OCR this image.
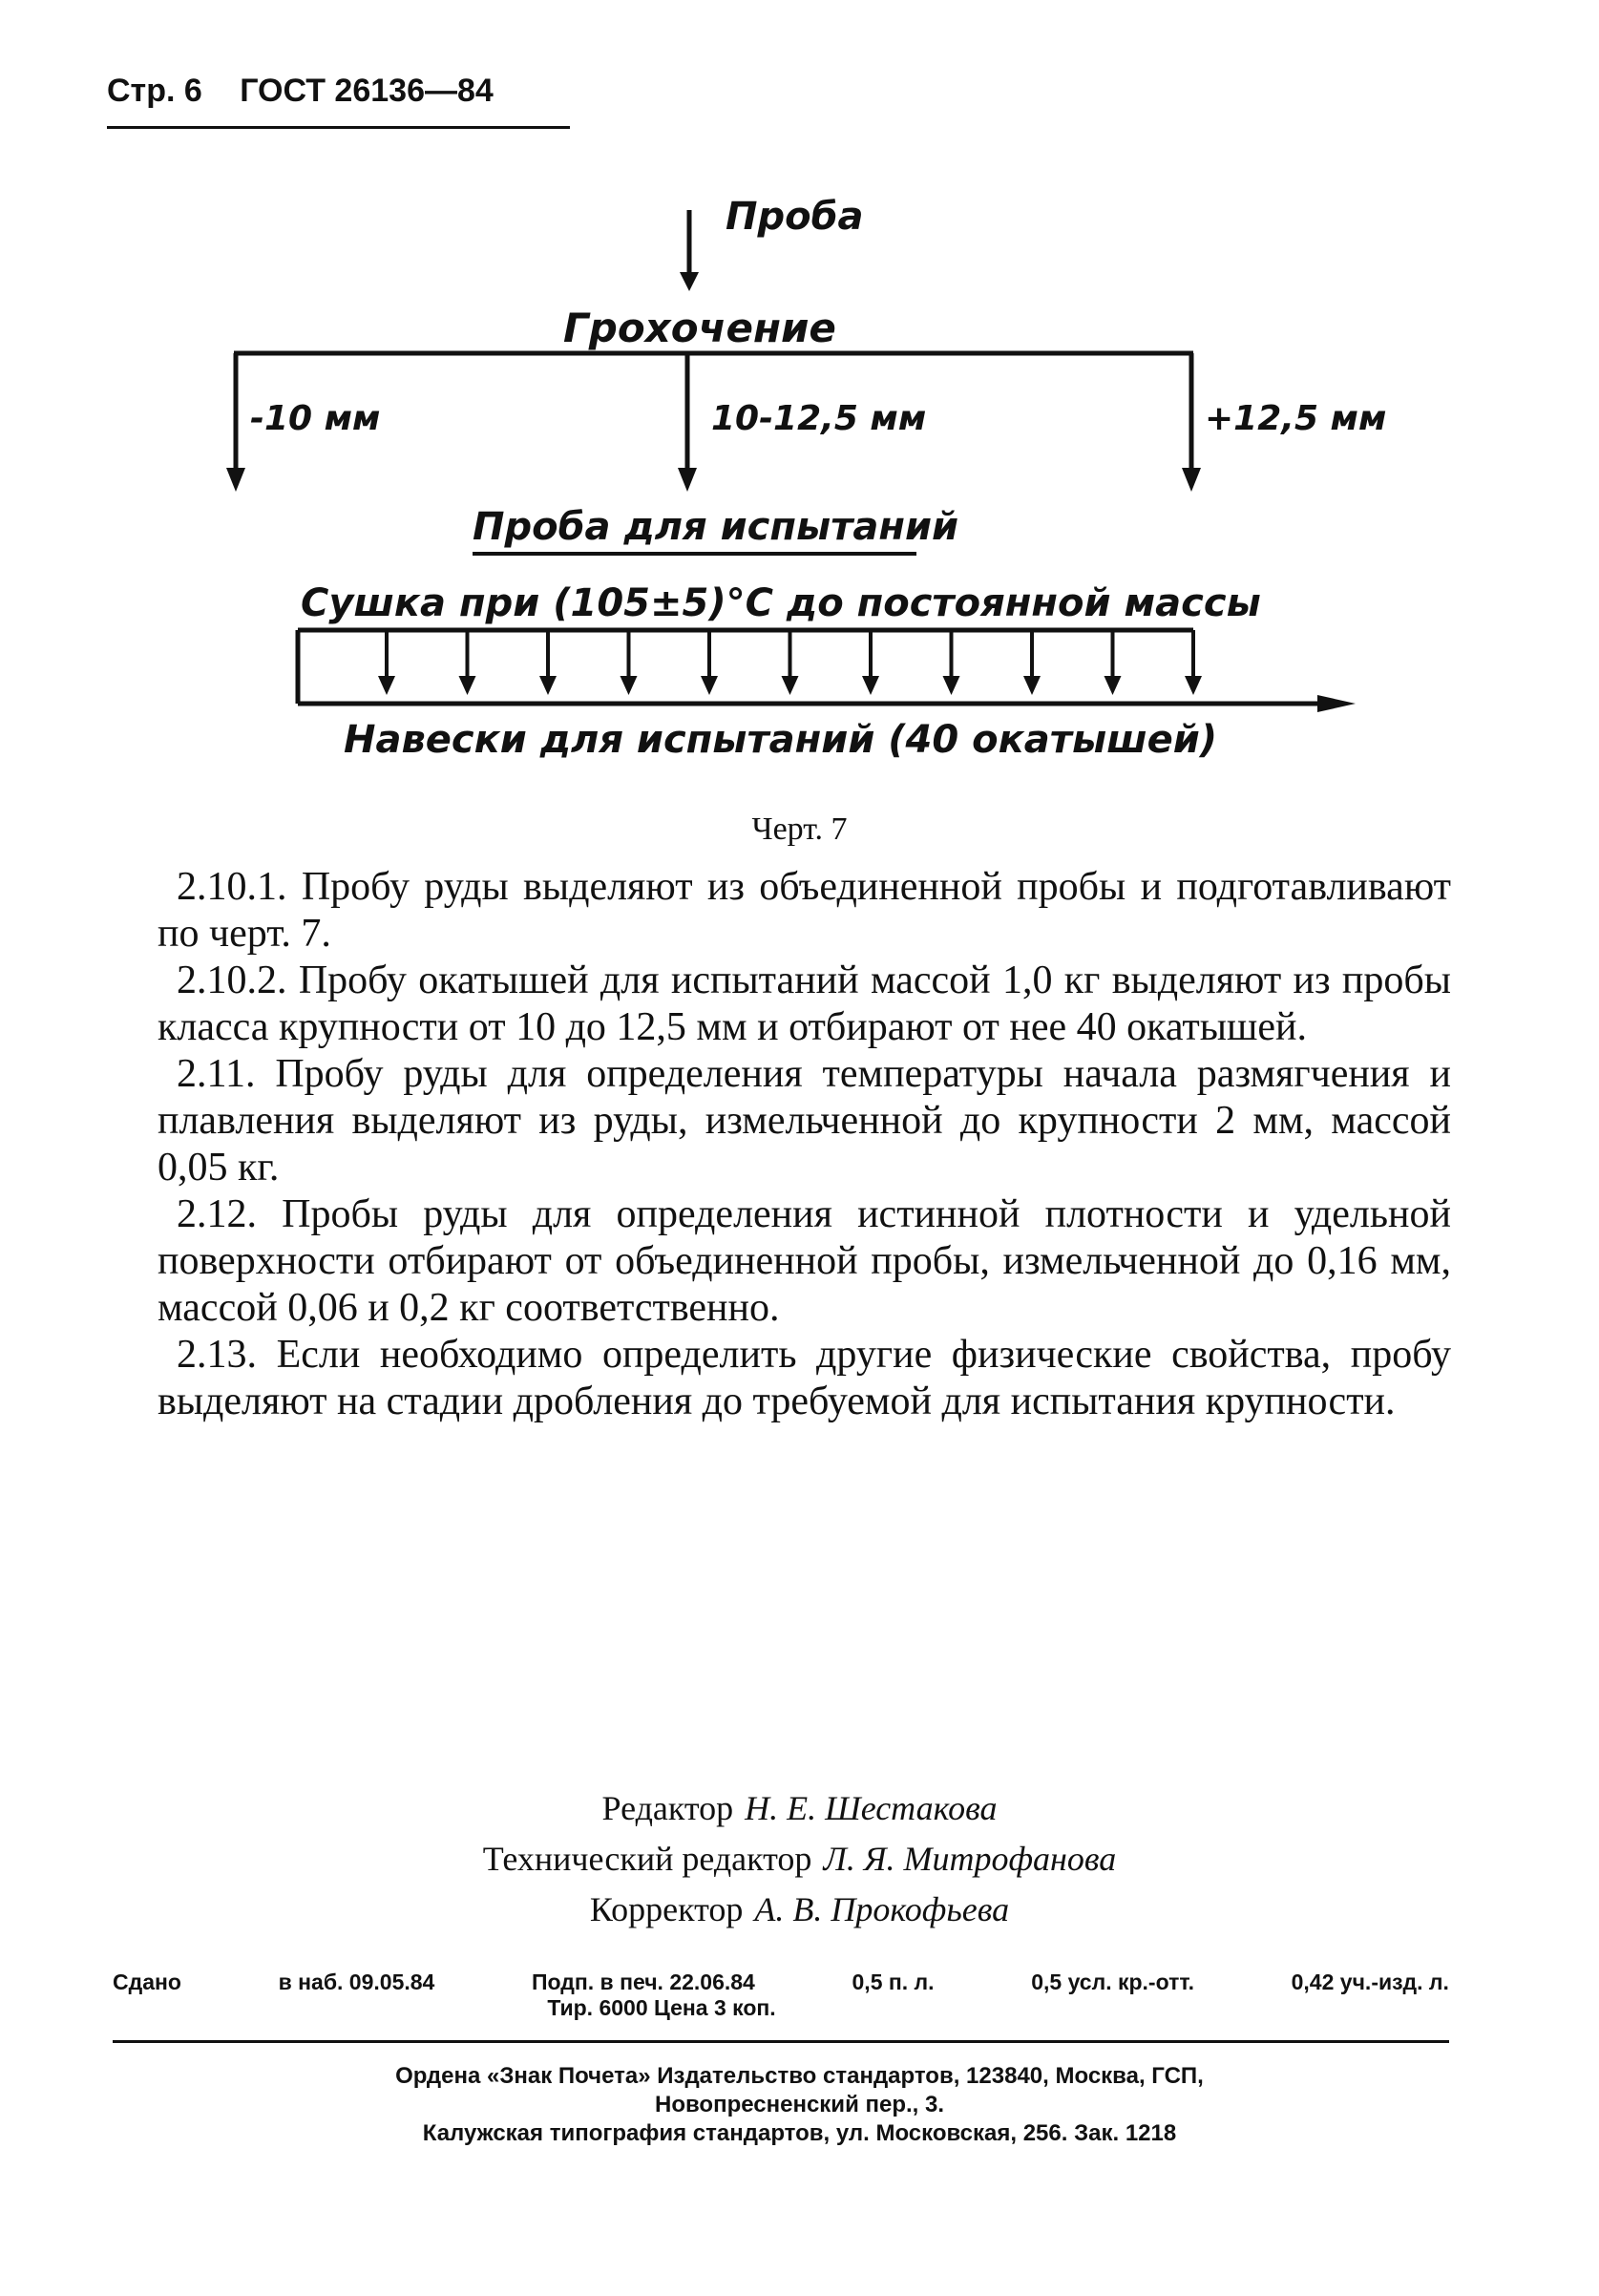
Стр. 6 ГОСТ 26136—84
Проба
Грохочение
-10 мм	10-12,5 мм	+12,5 мм
Проба для испытаний
Сушка при (105±5)°С до постоянной массы
Навески для испытаний (40 окатышей)
Черт. 7

2.10.1. Пробу руды выделяют из объединенной пробы и подготавливают по черт. 7.

2.10.2. Пробу окатышей для испытаний массой 1,0 кг выделяют из пробы класса крупности от 10 до 12,5 мм и отбирают от нее 40 окатышей.

2.11. Пробу руды для определения температуры начала размягчения и плавления выделяют из руды, измельченной до крупности 2 мм, массой 0,05 кг.

2.12. Пробы руды для определения истинной плотности и удельной поверхности отбирают от объединенной пробы, измельченной до 0,16 мм, массой 0,06 и 0,2 кг соответственно.

2.13. Если необходимо определить другие физические свойства, пробу выделяют на стадии дробления до требуемой для испытания крупности.

Редактор Н. Е. Шестакова
Технический редактор Л. Я. Митрофанова
Корректор А. В. Прокофьева
Сдано	в наб. 09.05.84	Подп. в печ. 22.06.84	0,5 п. л.	0,5 усл. кр.-отт.	0,42 уч.-изд. л.
Тир. 6000 Цена 3 коп.
Ордена «Знак Почета» Издательство стандартов, 123840, Москва, ГСП,
Новопресненский пер., 3.
Калужская типография стандартов, ул. Московская, 256. Зак. 1218
